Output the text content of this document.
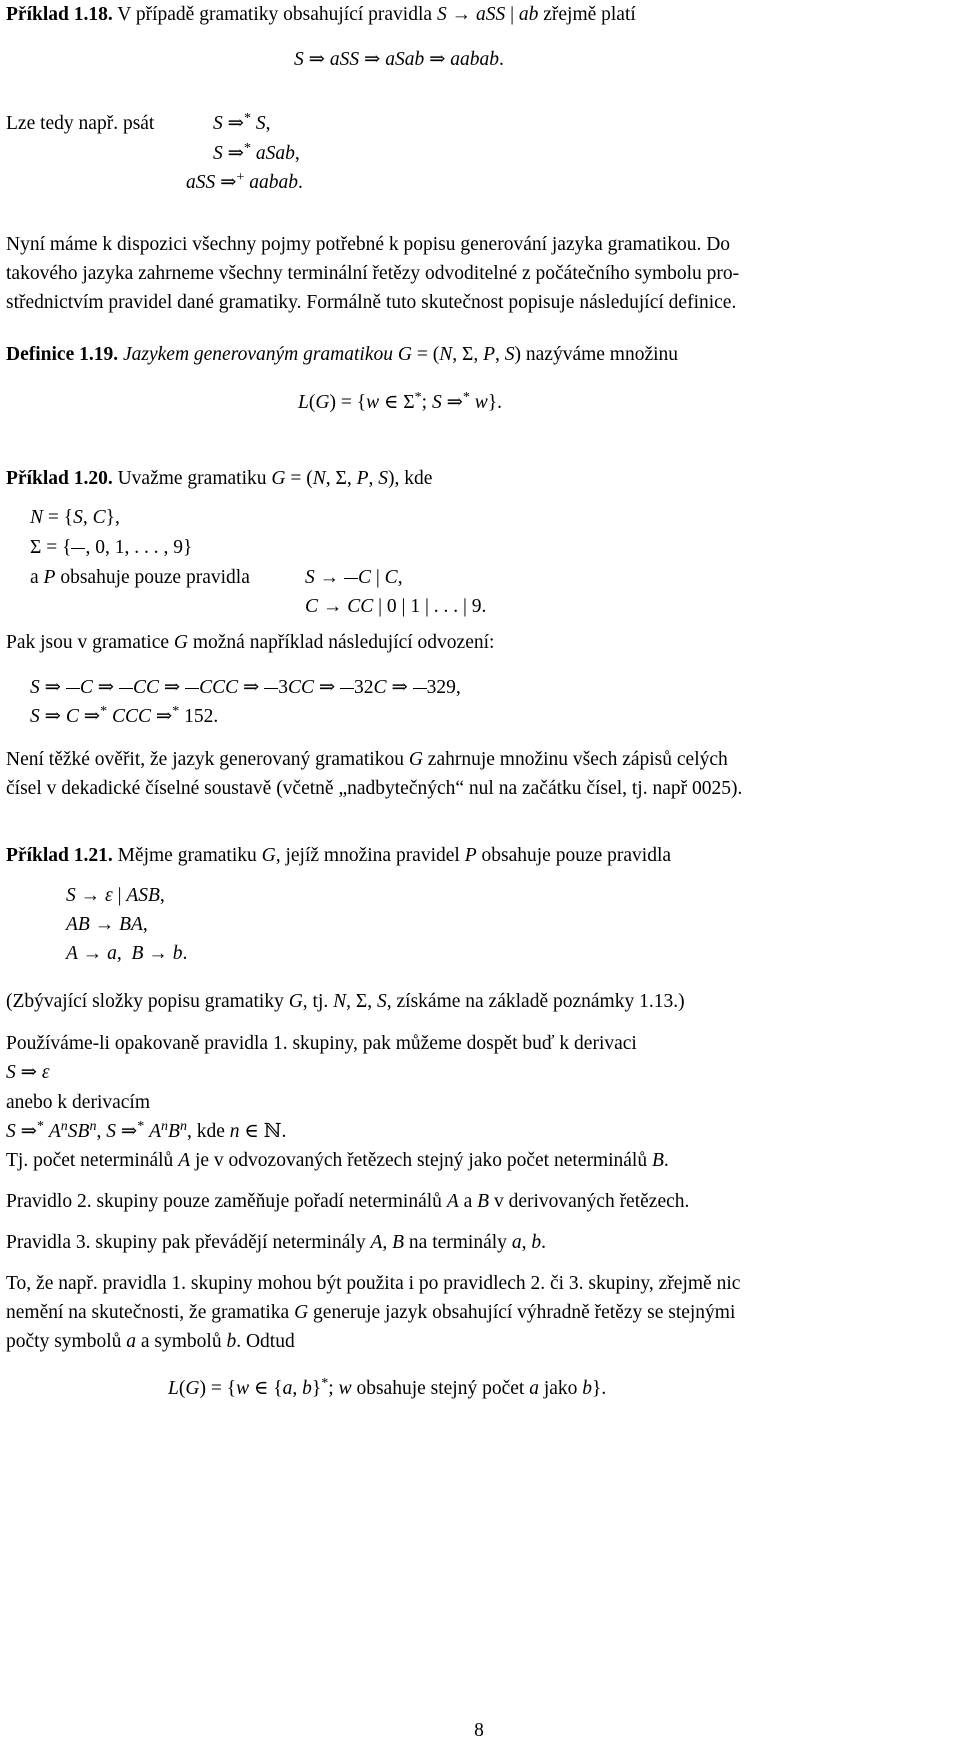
Příklad 1.18. V případě gramatiky obsahující pravidla S → aSS | ab zřejmě platí
S ⇒ aSS ⇒ aSab ⇒ aabab.
Lze tedy např. psát	S ⇒* S,
S ⇒* aSab,
aSS ⇒+ aabab.
Nyní máme k dispozici všechny pojmy potřebné k popisu generování jazyka gramatikou. Do
takového jazyka zahrneme všechny terminální řetězy odvoditelné z počátečního symbolu pro-
střednictvím pravidel dané gramatiky. Formálně tuto skutečnost popisuje následující definice.
Definice 1.19. Jazykem generovaným gramatikou G = (N, Σ, P, S) nazýváme množinu
L(G) = {w ∈ Σ*; S ⇒* w}.
Příklad 1.20. Uvažme gramatiku G = (N, Σ, P, S), kde
N = {S, C},
Σ = { , 0, 1, . . . , 9}
a P obsahuje pouze pravidla	S → C | C,
C → CC | 0 | 1 | . . . | 9.
Pak jsou v gramatice G možná například následující odvození:
S ⇒ C ⇒ CC ⇒ CCC ⇒ 3CC ⇒ 32C ⇒ 329,
S ⇒ C ⇒* CCC ⇒* 152.
Není těžké ověřit, že jazyk generovaný gramatikou G zahrnuje množinu všech zápisů celých
čísel v dekadické číselné soustavě (včetně „nadbytečných“ nul na začátku čísel, tj. např 0025).
Příklad 1.21. Mějme gramatiku G, jejíž množina pravidel P obsahuje pouze pravidla
S → ε | ASB,
AB → BA,
A → a,  B → b.
(Zbývající složky popisu gramatiky G, tj. N, Σ, S, získáme na základě poznámky 1.13.)
Používáme-li opakovaně pravidla 1. skupiny, pak můžeme dospět buď k derivaci
S ⇒ ε
anebo k derivacím
S ⇒* $A^nSB^n$, S ⇒* $A^nB^n$, kde n ∈ ℕ.
Tj. počet neterminálů A je v odvozovaných řetězech stejný jako počet neterminálů B.
Pravidlo 2. skupiny pouze zaměňuje pořadí neterminálů A a B v derivovaných řetězech.
Pravidla 3. skupiny pak převádějí neterminály A, B na terminály a, b.
To, že např. pravidla 1. skupiny mohou být použita i po pravidlech 2. či 3. skupiny, zřejmě nic
nemění na skutečnosti, že gramatika G generuje jazyk obsahující výhradně řetězy se stejnými
počty symbolů a a symbolů b. Odtud
L(G) = {w ∈ {a, b}*; w obsahuje stejný počet a jako b}.
8
